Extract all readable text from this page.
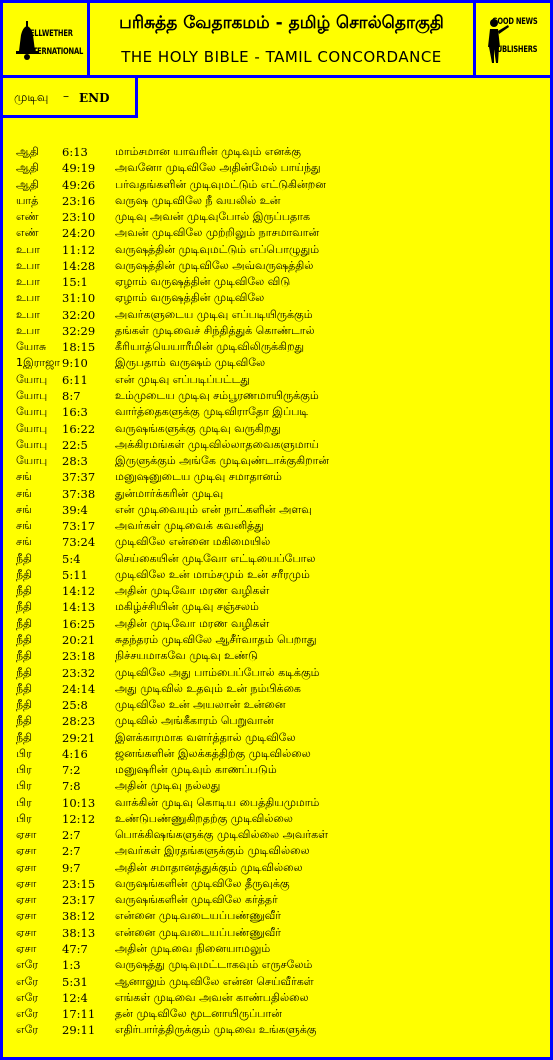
BELLWETHER
INTERNATIONAL
பரிசுத்த வேதாகமம் - தமிழ் சொல்தொகுதி
THE HOLY BIBLE - TAMIL CONCORDANCE
GOOD NEWS
PUBLISHERS
முடிவு – END
ஆதி 6:13 மாம்சமான யாவரின் முடிவும் எனக்கு
ஆதி 49:19 அவனோ முடிவிலே அதின்மேல் பாய்ந்து
ஆதி 49:26 பர்வதங்களின் முடிவுமட்டும் எட்டுகின்றன
யாத் 23:16 வருஷ முடிவிலே நீ வயலில் உன்
எண் 23:10 முடிவு அவன் முடிவுபோல் இருப்பதாக
எண் 24:20 அவன் முடிவிலே முற்றிலும் நாசமாவான்
உபா 11:12 வருஷத்தின் முடிவுமட்டும் எப்பொழுதும்
உபா 14:28 வருஷத்தின் முடிவிலே அவ்வருஷத்தில்
உபா 15:1 ஏழாம் வருஷத்தின் முடிவிலே விடு
உபா 31:10 ஏழாம் வருஷத்தின் முடிவிலே
உபா 32:20 அவர்களுடைய முடிவு எப்படியிருக்கும்
உபா 32:29 தங்கள் முடிவைச் சிந்தித்துக் கொண்டால்
யோசு 18:15 கீரியாத்யெயாரீமின் முடிவிலிருக்கிறது
1இராஜா 9:10 இருபதாம் வருஷம் முடிவிலே
யோபு 6:11 என் முடிவு எப்படிப்பட்டது
யோபு 8:7	உம்முடைய முடிவு சம்பூரணமாயிருக்கும்
யோபு 16:3 வார்த்தைகளுக்கு முடிவிராதோ இப்படி
யோபு 16:22 வருஷங்களுக்கு முடிவு வருகிறது
யோபு 22:5 அக்கிரமங்கள் முடிவில்லாதவைகளுமாய்
யோபு 28:3 இருளுக்கும் அங்கே முடிவுண்டாக்குகிறான்
சங்	37:37 மனுஷனுடைய முடிவு சமாதானம்
சங்	37:38 துன்மார்க்கரின் முடிவு
சங்	39:4 என் முடிவையும் என் நாட்களின் அளவு
சங்	73:17 அவர்கள் முடிவைக் கவனித்து
சங்	73:24 முடிவிலே என்னை மகிமையில்
நீதி	5:4	செய்கையின் முடிவோ எட்டியைப்போல
நீதி	5:11 முடிவிலே உன் மாம்சமும் உன் சரீரமும்
நீதி	14:12 அதின் முடிவோ மரண வழிகள்
நீதி	14:13 மகிழ்ச்சியின் முடிவு சஞ்சலம்
நீதி	16:25 அதின் முடிவோ மரண வழிகள்
நீதி	20:21 சுதந்தரம் முடிவிலே ஆசீர்வாதம் பெறாது
நீதி	23:18 நிச்சயமாகவே முடிவு உண்டு
நீதி	23:32 முடிவிலே அது பாம்பைப்போல் கடிக்கும்
நீதி	24:14 அது முடிவில் உதவும் உன் நம்பிக்கை
நீதி	25:8 முடிவிலே உன் அயலான் உன்னை
நீதி	28:23 முடிவில் அங்கீகாரம் பெறுவான்
நீதி	29:21 இளக்காரமாக வளர்த்தால் முடிவிலே
பிர	4:16 ஜனங்களின் இலக்கத்திற்கு முடிவில்லை
பிர	7:2	மனுஷரின் முடிவும் காணப்படும்
பிர	7:8	அதின் முடிவு நல்லது
பிர	10:13 வாக்கின் முடிவு கொடிய பைத்தியமுமாம்
பிர	12:12 உண்டுபண்ணுகிறதற்கு முடிவில்லை
ஏசா 2:7	பொக்கிஷங்களுக்கு முடிவில்லை அவர்கள்
ஏசா 2:7	அவர்கள் இரதங்களுக்கும் முடிவில்லை
ஏசா 9:7	அதின் சமாதானத்துக்கும் முடிவில்லை
ஏசா 23:15 வருஷங்களின் முடிவிலே தீருவுக்கு
ஏசா 23:17 வருஷங்களின் முடிவிலே கர்த்தர்
ஏசா 38:12 என்னை முடிவடையப்பண்ணுவீர்
ஏசா 38:13 என்னை முடிவடையப்பண்ணுவீர்
ஏசா 47:7 அதின் முடிவை நினையாமலும்
எரே 1:3	வருஷத்து முடிவுமட்டாகவும் எருசலேம்
எரே 5:31 ஆனாலும் முடிவிலே என்ன செய்வீர்கள்
எரே 12:4 எங்கள் முடிவை அவன் காண்பதில்லை
எரே 17:11 தன் முடிவிலே மூடனாயிருப்பான்
எரே 29:11 எதிர்பார்த்திருக்கும் முடிவை உங்களுக்கு
